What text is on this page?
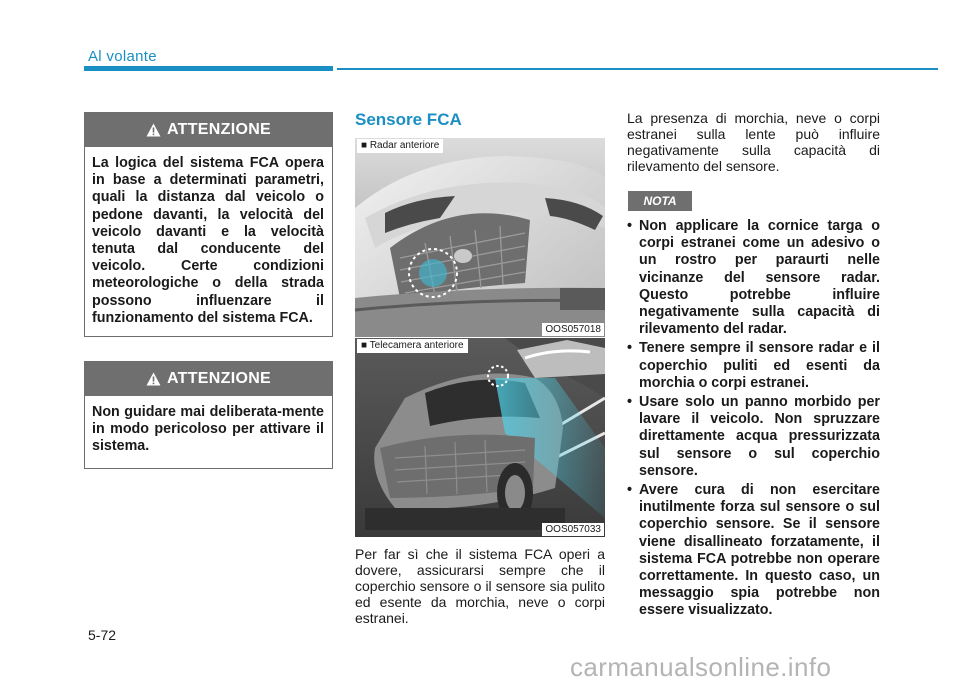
Al volante
ATTENZIONE
La logica del sistema FCA opera in base a determinati parametri, quali la distanza dal veicolo o pedone davanti, la velocità del veicolo davanti e la velocità tenuta dal conducente del veicolo. Certe condizioni meteorologiche o della strada possono influenzare il funzionamento del sistema FCA.
ATTENZIONE
Non guidare mai deliberata-mente in modo pericoloso per attivare il sistema.
Sensore FCA
■ Radar anteriore
OOS057018
■ Telecamera anteriore
OOS057033
Per far sì che il sistema FCA operi a dovere, assicurarsi sempre che il coperchio sensore o il sensore sia pulito ed esente da morchia, neve o corpi estranei.
La presenza di morchia, neve o corpi estranei sulla lente può influire negativamente sulla capacità di rilevamento del sensore.
NOTA
• Non applicare la cornice targa o corpi estranei come un adesivo o un rostro per paraurti nelle vicinanze del sensore radar. Questo potrebbe influire negativamente sulla capacità di rilevamento del radar.
• Tenere sempre il sensore radar e il coperchio puliti ed esenti da morchia o corpi estranei.
• Usare solo un panno morbido per lavare il veicolo. Non spruzzare direttamente acqua pressurizzata sul sensore o sul coperchio sensore.
• Avere cura di non esercitare inutilmente forza sul sensore o sul coperchio sensore. Se il sensore viene disallineato forzatamente, il sistema FCA potrebbe non operare correttamente. In questo caso, un messaggio spia potrebbe non essere visualizzato.
5-72
carmanualsonline.info
